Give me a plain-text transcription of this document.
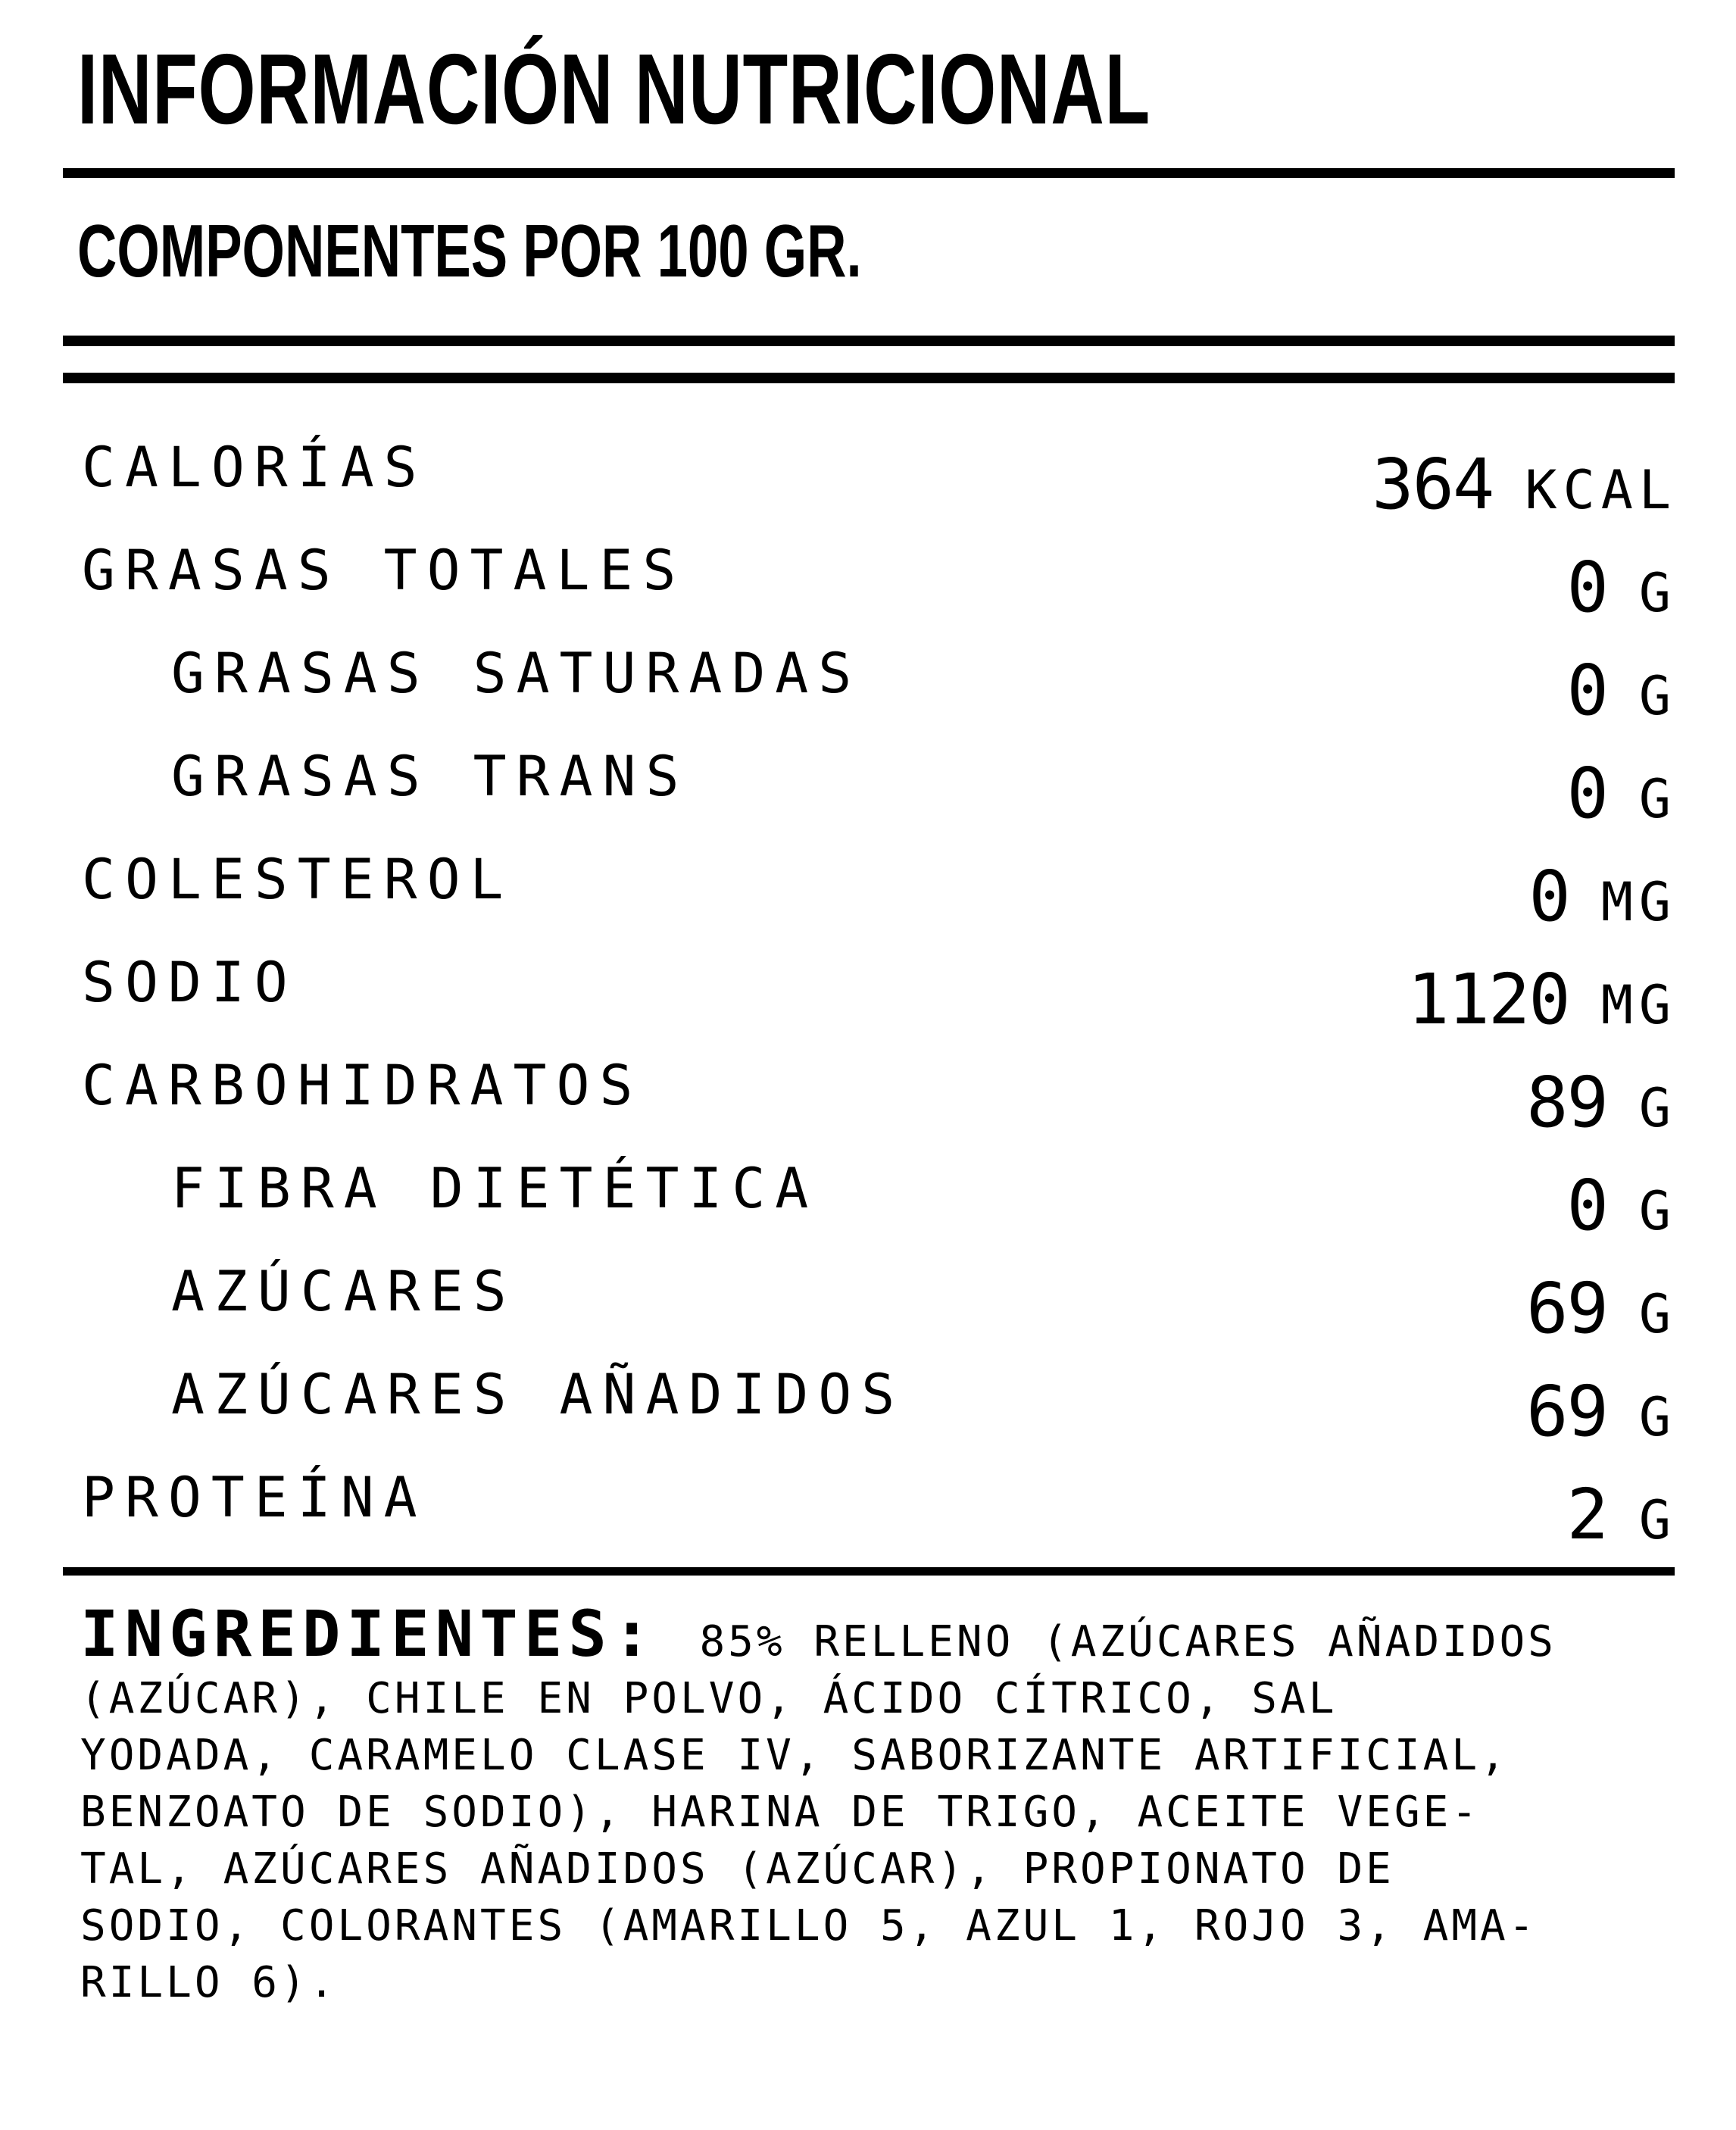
INFORMACIÓN NUTRICIONAL
COMPONENTES POR 100 GR.
CALORÍAS	364 KCAL
GRASAS TOTALES	0 G
GRASAS SATURADAS	0 G
GRASAS TRANS	0 G
COLESTEROL	0 MG
SODIO	1120 MG
CARBOHIDRATOS	89 G
FIBRA DIETÉTICA	0 G
AZÚCARES	69 G
AZÚCARES AÑADIDOS	69 G
PROTEÍNA	2 G
INGREDIENTES: 85% RELLENO (AZÚCARES AÑADIDOS
(AZÚCAR), CHILE EN POLVO, ÁCIDO CÍTRICO, SAL
YODADA, CARAMELO CLASE IV, SABORIZANTE ARTIFICIAL,
BENZOATO DE SODIO), HARINA DE TRIGO, ACEITE VEGE-
TAL, AZÚCARES AÑADIDOS (AZÚCAR), PROPIONATO DE
SODIO, COLORANTES (AMARILLO 5, AZUL 1, ROJO 3, AMA-
RILLO 6).
